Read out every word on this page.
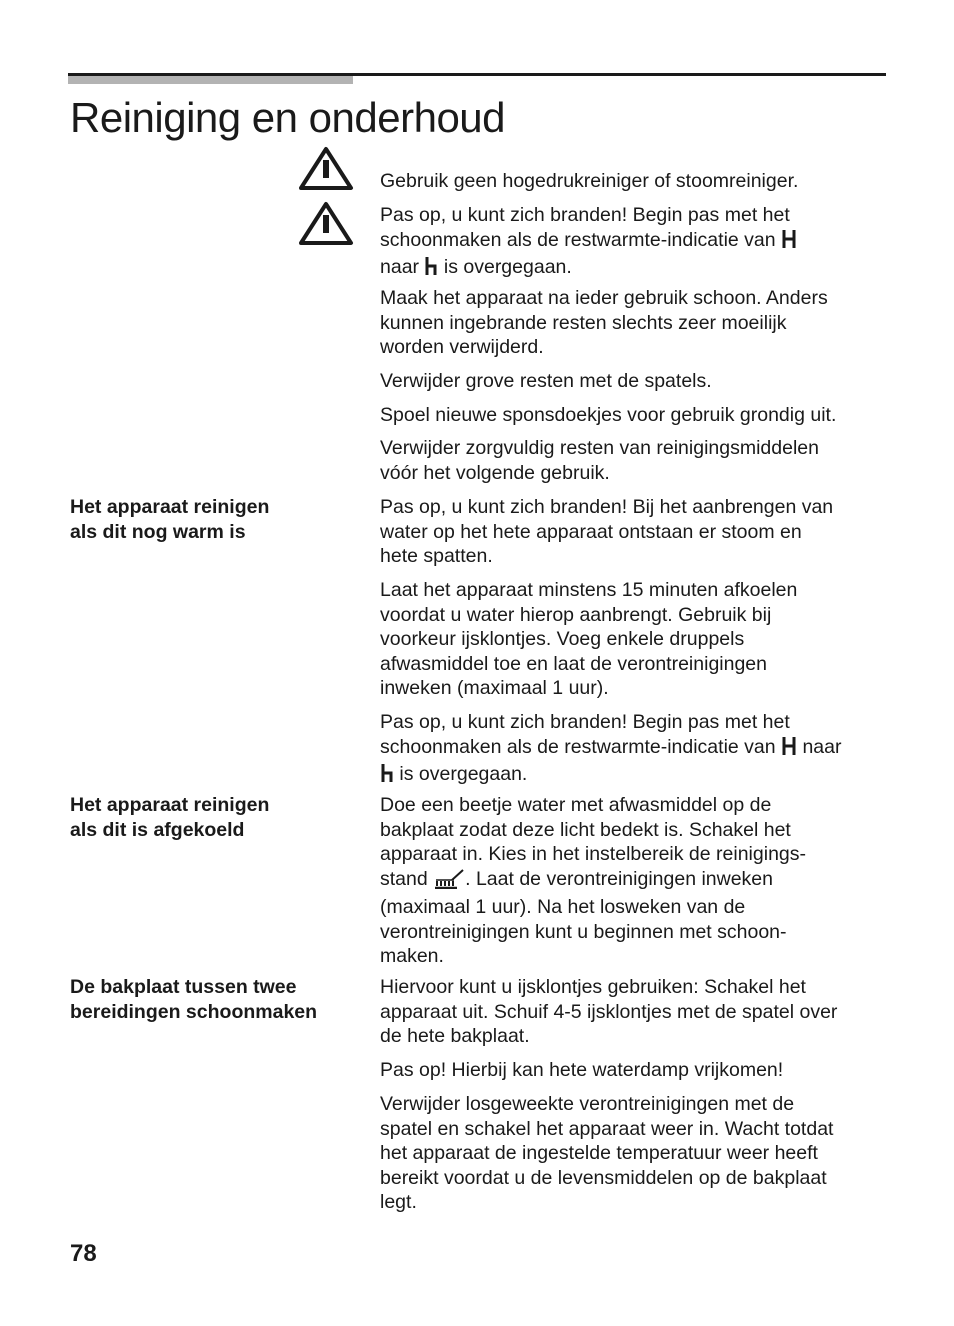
Reiniging en onderhoud
Gebruik geen hogedrukreiniger of stoomreiniger.
Pas op, u kunt zich branden! Begin pas met het
schoonmaken als de restwarmte-indicatie van
naar is overgegaan.
Maak het apparaat na ieder gebruik schoon. Anders
kunnen ingebrande resten slechts zeer moeilijk
worden verwijderd.
Verwijder grove resten met de spatels.
Spoel nieuwe sponsdoekjes voor gebruik grondig uit.
Verwijder zorgvuldig resten van reinigingsmiddelen
vóór het volgende gebruik.
Het apparaat reinigen
als dit nog warm is
Pas op, u kunt zich branden! Bij het aanbrengen van
water op het hete apparaat ontstaan er stoom en
hete spatten.
Laat het apparaat minstens 15 minuten afkoelen
voordat u water hierop aanbrengt. Gebruik bij
voorkeur ijsklontjes. Voeg enkele druppels
afwasmiddel toe en laat de verontreinigingen
inweken (maximaal 1 uur).
Pas op, u kunt zich branden! Begin pas met het
schoonmaken als de restwarmte-indicatie van naar
is overgegaan.
Het apparaat reinigen
als dit is afgekoeld
Doe een beetje water met afwasmiddel op de
bakplaat zodat deze licht bedekt is. Schakel het
apparaat in. Kies in het instelbereik de reinigings-
stand . Laat de verontreinigingen inweken
(maximaal 1 uur). Na het losweken van de
verontreinigingen kunt u beginnen met schoon-
maken.
De bakplaat tussen twee
bereidingen schoonmaken
Hiervoor kunt u ijsklontjes gebruiken: Schakel het
apparaat uit. Schuif 4-5 ijsklontjes met de spatel over
de hete bakplaat.
Pas op! Hierbij kan hete waterdamp vrijkomen!
Verwijder losgeweekte verontreinigingen met de
spatel en schakel het apparaat weer in. Wacht totdat
het apparaat de ingestelde temperatuur weer heeft
bereikt voordat u de levensmiddelen op de bakplaat
legt.
78
